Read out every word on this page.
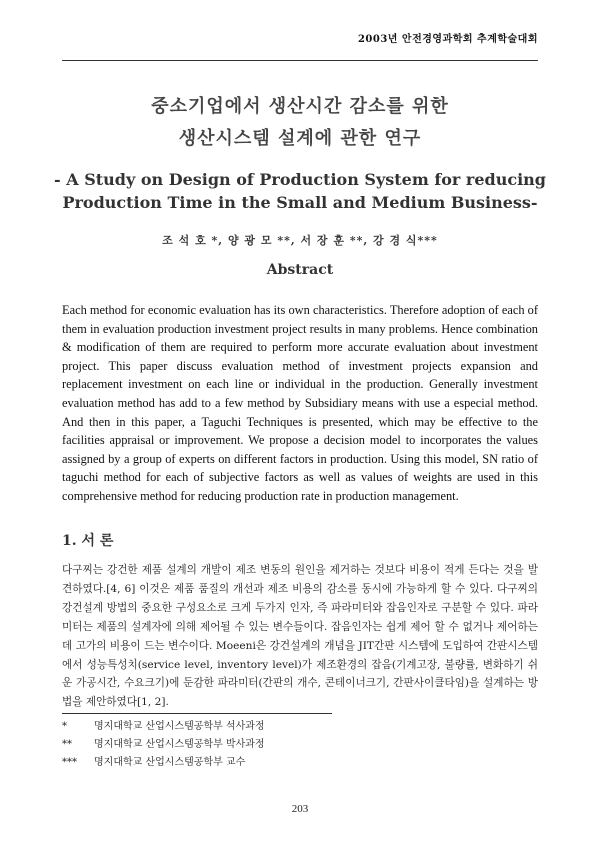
2003년 안전경영과학회 추계학술대회
중소기업에서 생산시간 감소를 위한
생산시스템 설계에 관한 연구
- A Study on Design of Production System for reducing
Production Time in the Small and Medium Business-
조 석 호 *, 양 광 모 **, 서 장 훈 **, 강 경 식***
Abstract
Each method for economic evaluation has its own characteristics. Therefore adoption of each of them in evaluation production investment project results in many problems. Hence combination & modification of them are required to perform more accurate evaluation about investment project. This paper discuss evaluation method of investment projects expansion and replacement investment on each line or individual in the production. Generally investment evaluation method has add to a few method by Subsidiary means with use a especial method. And then in this paper, a Taguchi Techniques is presented, which may be effective to the facilities appraisal or improvement. We propose a decision model to incorporates the values assigned by a group of experts on different factors in production. Using this model, SN ratio of taguchi method for each of subjective factors as well as values of weights are used in this comprehensive method for reducing production rate in production management.
1. 서 론
다구찌는 강건한 제품 설계의 개발이 제조 변동의 원인을 제거하는 것보다 비용이 적게 든다는 것을 발견하였다.[4, 6] 이것은 제품 품질의 개선과 제조 비용의 감소를 동시에 가능하게 할 수 있다. 다구찌의 강건설계 방법의 중요한 구성요소로 크게 두가지 인자, 즉 파라미터와 잡음인자로 구분할 수 있다. 파라미터는 제품의 설계자에 의해 제어될 수 있는 변수들이다. 잡음인자는 쉽게 제어 할 수 없거나 제어하는데 고가의 비용이 드는 변수이다. Moeeni은 강건설계의 개념을 JIT간판 시스템에 도입하여 간판시스템에서 성능특성치(service level, inventory level)가 제조환경의 잡음(기계고장, 불량률, 변화하기 쉬운 가공시간, 수요크기)에 둔감한 파라미터(간판의 개수, 콘테이너크기, 간판사이클타임)을 설계하는 방법을 제안하였다[1, 2].
*	명지대학교 산업시스템공학부 석사과정
**	명지대학교 산업시스템공학부 박사과정
***	명지대학교 산업시스템공학부 교수
203
